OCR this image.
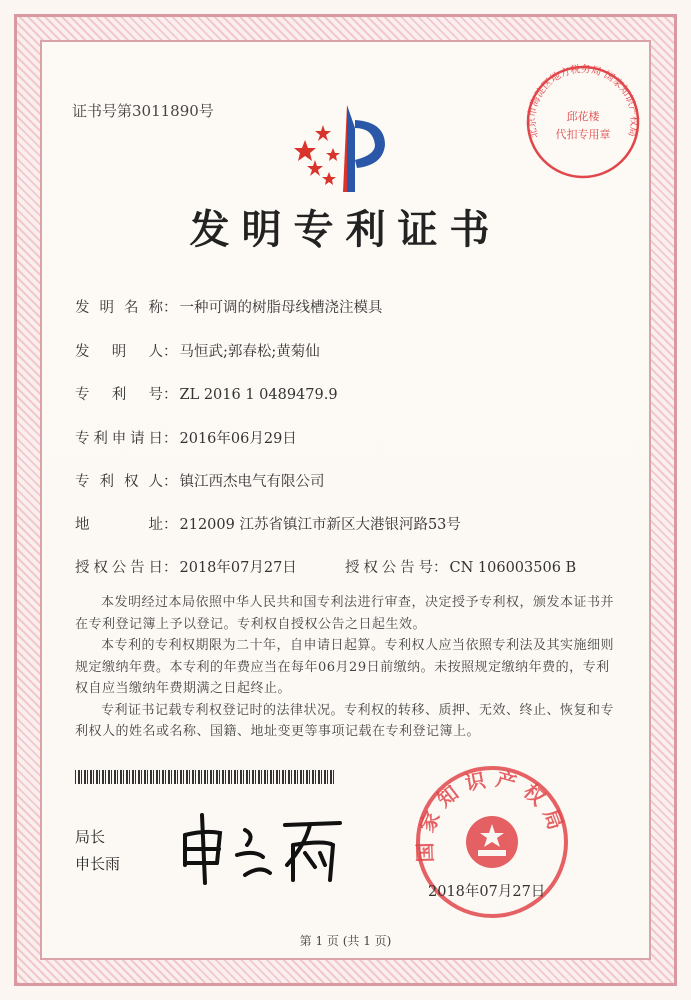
证书号第3011890号	邱花楼
代扣专用章
北京市海淀区地方税务局 国家知识产权局
发明专利证书
发明名称： 一种可调的树脂母线槽浇注模具
发明人： 马恒武;郭春松;黄菊仙
专利号： ZL 2016 1 0489479.9
专利申请日： 2016年06月29日
专利权人： 镇江西杰电气有限公司
地址： 212009 江苏省镇江市新区大港银河路53号
授权公告日： 2018年07月27日	授权公告号： CN 106003506 B

本发明经过本局依照中华人民共和国专利法进行审查，决定授予专利权，颁发本证书并在专利登记簿上予以登记。专利权自授权公告之日起生效。

本专利的专利权期限为二十年，自申请日起算。专利权人应当依照专利法及其实施细则规定缴纳年费。本专利的年费应当在每年06月29日前缴纳。未按照规定缴纳年费的，专利权自应当缴纳年费期满之日起终止。

专利证书记载专利权登记时的法律状况。专利权的转移、质押、无效、终止、恢复和专利权人的姓名或名称、国籍、地址变更等事项记载在专利登记簿上。

局长
申长雨
国家知识产权局
2018年07月27日
第 1 页 (共 1 页)
